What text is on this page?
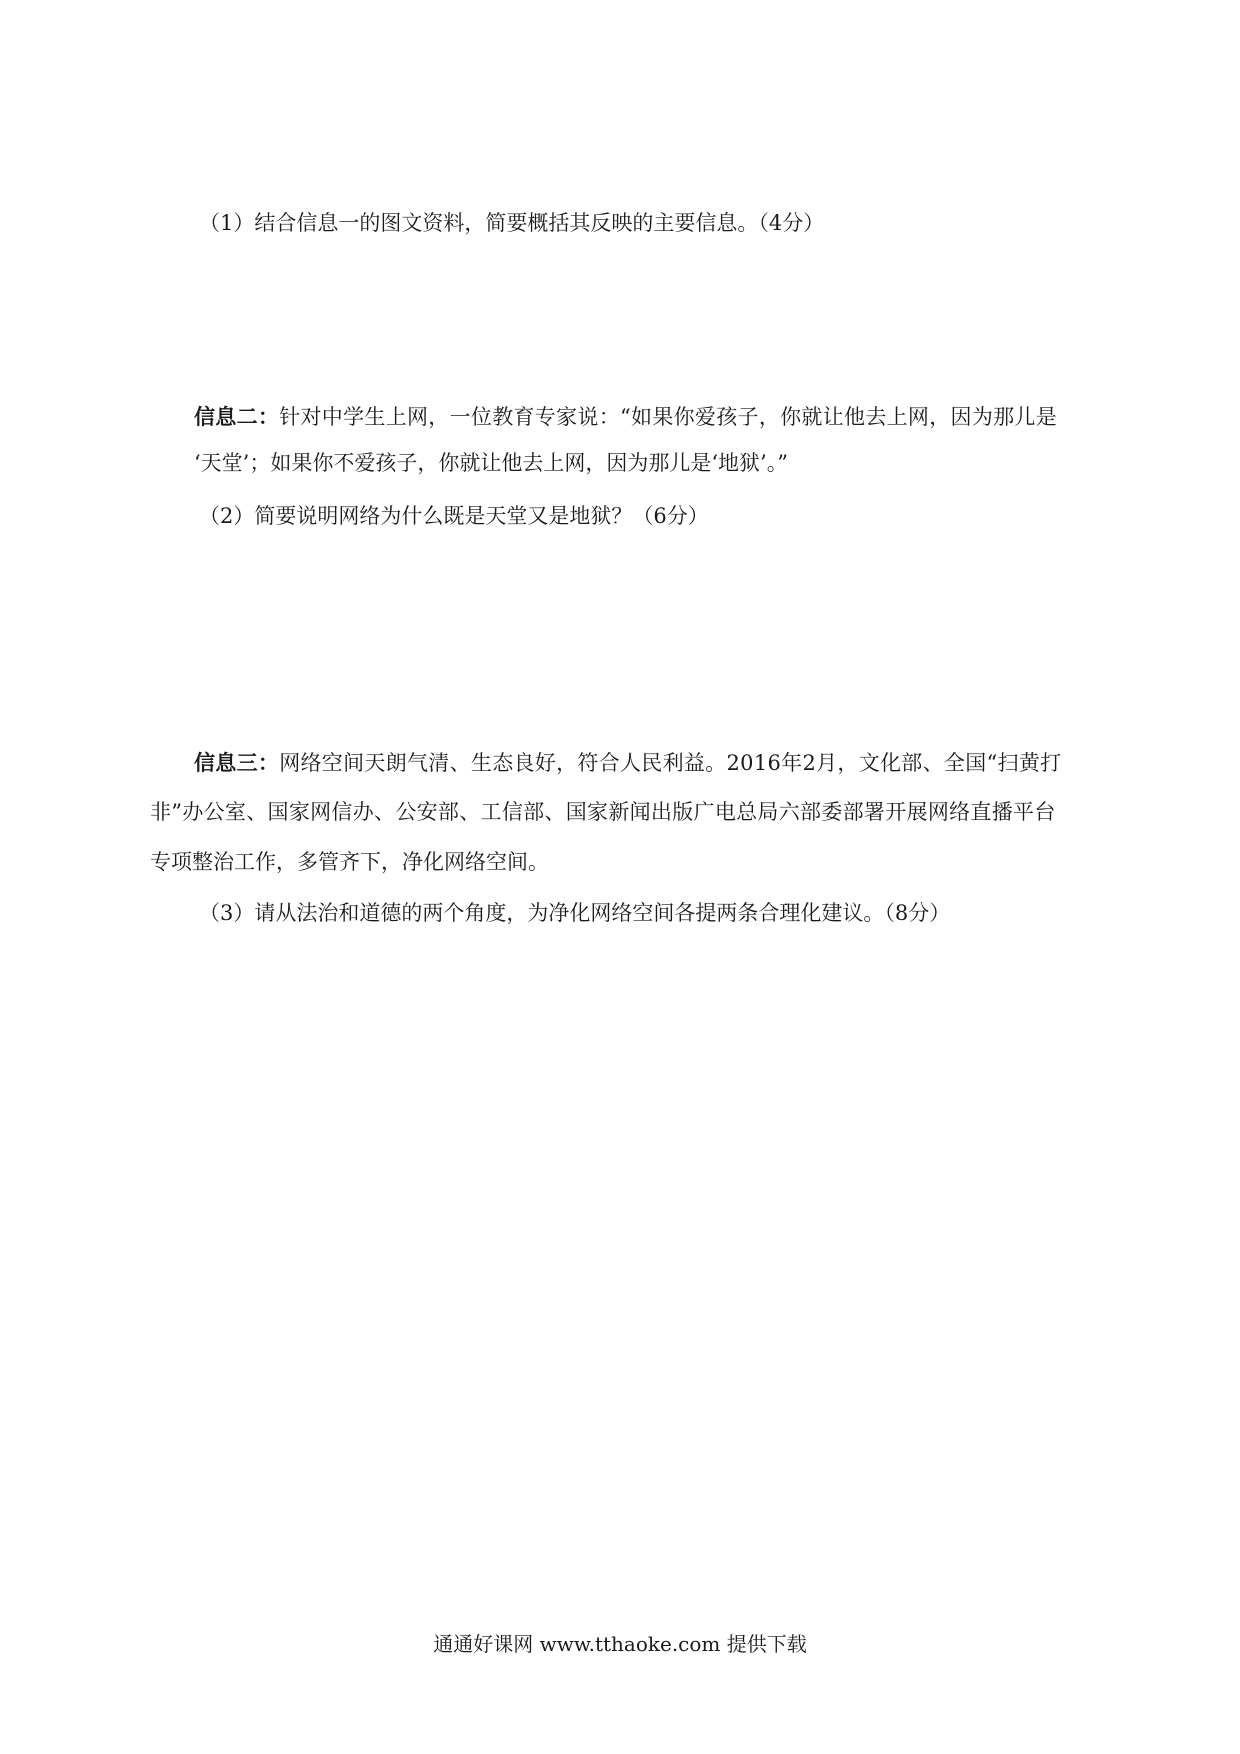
（1）结合信息一的图文资料，简要概括其反映的主要信息。（4分）
信息二：针对中学生上网，一位教育专家说：“如果你爱孩子，你就让他去上网，因为那儿是
‘天堂’；如果你不爱孩子，你就让他去上网，因为那儿是‘地狱’。”
（2）简要说明网络为什么既是天堂又是地狱？（6分）
信息三：网络空间天朗气清、生态良好，符合人民利益。2016年2月，文化部、全国“扫黄打
非”办公室、国家网信办、公安部、工信部、国家新闻出版广电总局六部委部署开展网络直播平台
专项整治工作，多管齐下，净化网络空间。
（3）请从法治和道德的两个角度，为净化网络空间各提两条合理化建议。（8分）
通通好课网 www.tthaoke.com 提供下载
